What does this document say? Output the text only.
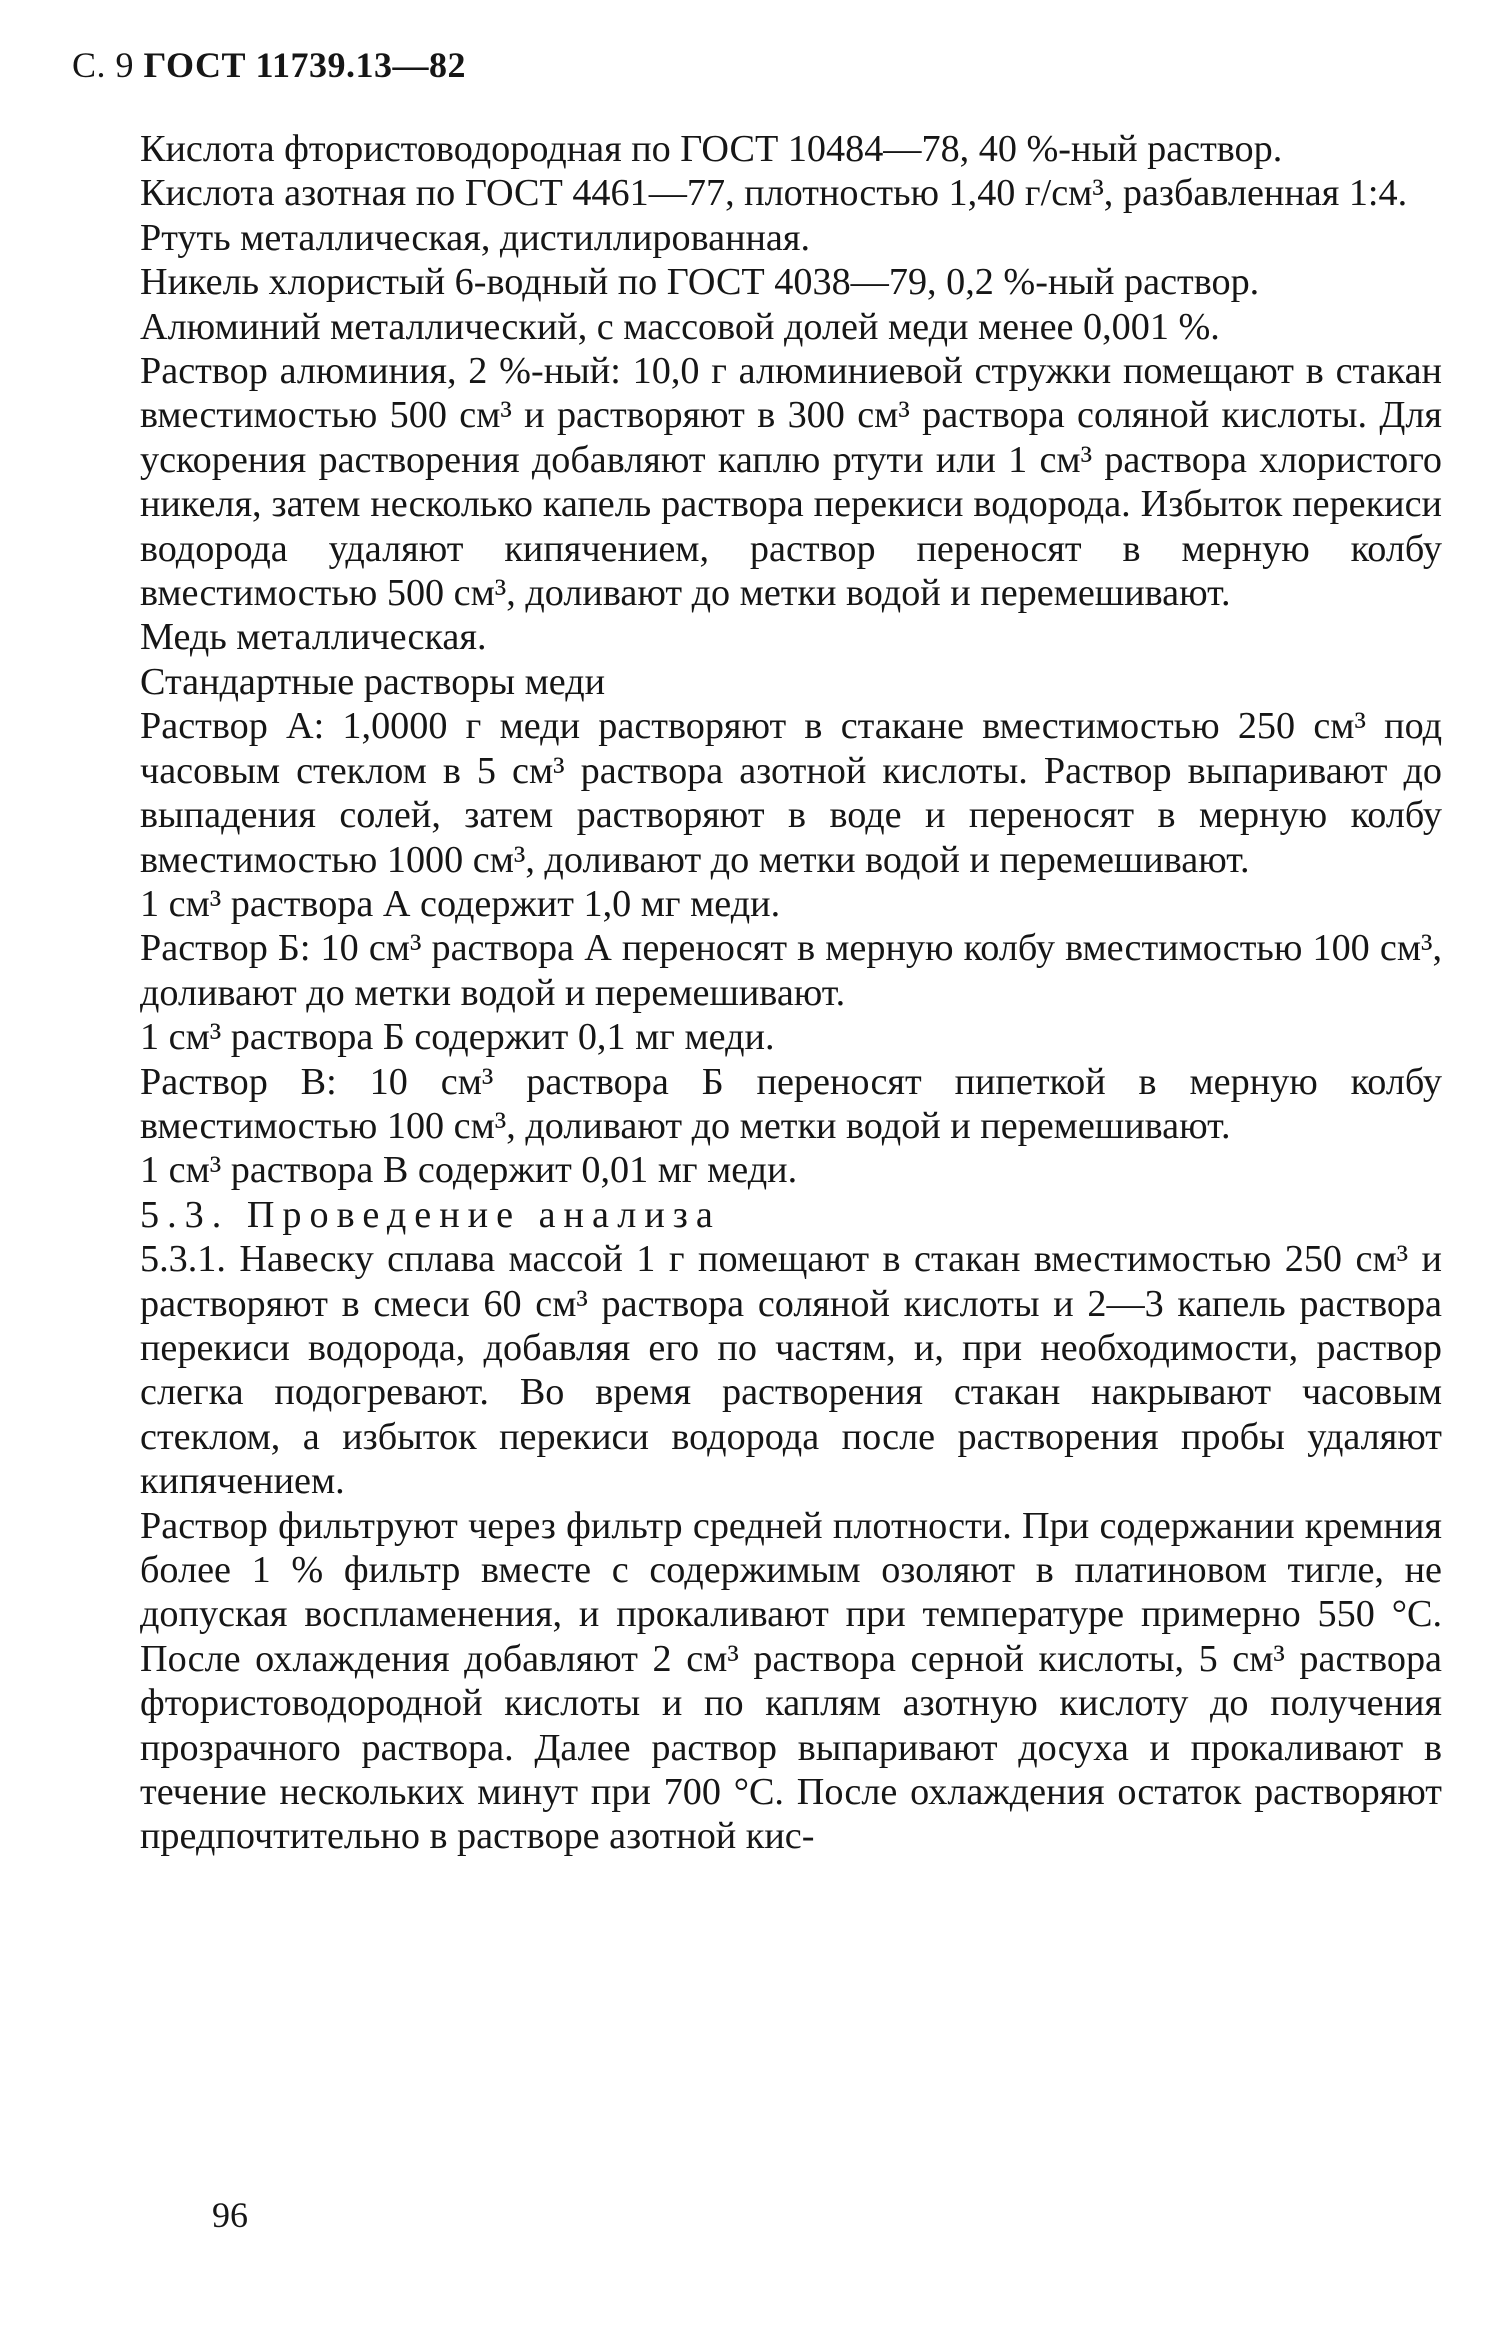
С. 9 ГОСТ 11739.13—82

Кислота фтористоводородная по ГОСТ 10484—78, 40 %-ный раствор.

Кислота азотная по ГОСТ 4461—77, плотностью 1,40 г/см³, разбавленная 1:4.

Ртуть металлическая, дистиллированная.

Никель хлористый 6-водный по ГОСТ 4038—79, 0,2 %-ный раствор.

Алюминий металлический, с массовой долей меди менее 0,001 %.

Раствор алюминия, 2 %-ный: 10,0 г алюминиевой стружки помещают в стакан вместимостью 500 см³ и растворяют в 300 см³ раствора соляной кислоты. Для ускорения растворения добавляют каплю ртути или 1 см³ раствора хлористого никеля, затем несколько капель раствора перекиси водорода. Избыток перекиси водорода удаляют кипячением, раствор переносят в мерную колбу вместимостью 500 см³, доливают до метки водой и перемешивают.

Медь металлическая.

Стандартные растворы меди

Раствор А: 1,0000 г меди растворяют в стакане вместимостью 250 см³ под часовым стеклом в 5 см³ раствора азотной кислоты. Раствор выпаривают до выпадения солей, затем растворяют в воде и переносят в мерную колбу вместимостью 1000 см³, доливают до метки водой и перемешивают.

1 см³ раствора А содержит 1,0 мг меди.

Раствор Б: 10 см³ раствора А переносят в мерную колбу вместимостью 100 см³, доливают до метки водой и перемешивают.

1 см³ раствора Б содержит 0,1 мг меди.

Раствор В: 10 см³ раствора Б переносят пипеткой в мерную колбу вместимостью 100 см³, доливают до метки водой и перемешивают.

1 см³ раствора В содержит 0,01 мг меди.

5.3. Проведение анализа

5.3.1. Навеску сплава массой 1 г помещают в стакан вместимостью 250 см³ и растворяют в смеси 60 см³ раствора соляной кислоты и 2—3 капель раствора перекиси водорода, добавляя его по частям, и, при необходимости, раствор слегка подогревают. Во время растворения стакан накрывают часовым стеклом, а избыток перекиси водорода после растворения пробы удаляют кипячением.

Раствор фильтруют через фильтр средней плотности. При содержании кремния более 1 % фильтр вместе с содержимым озоляют в платиновом тигле, не допуская воспламенения, и прокаливают при температуре примерно 550 °С. После охлаждения добавляют 2 см³ раствора серной кислоты, 5 см³ раствора фтористоводородной кислоты и по каплям азотную кислоту до получения прозрачного раствора. Далее раствор выпаривают досуха и прокаливают в течение нескольких минут при 700 °С. После охлаждения остаток растворяют предпочтительно в растворе азотной кис-

96
